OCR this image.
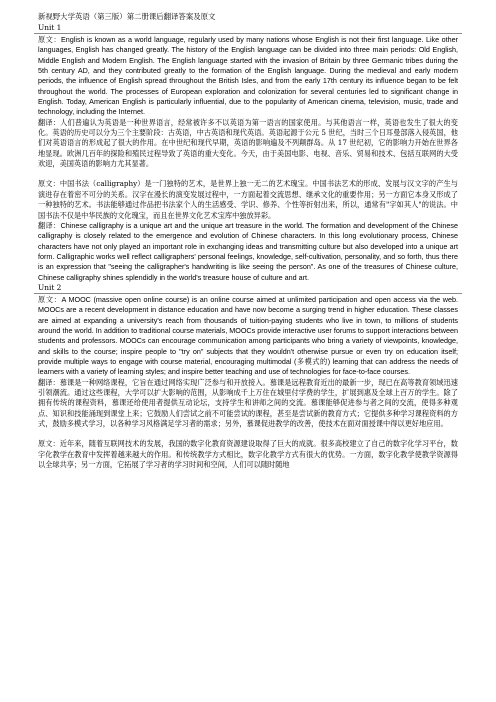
新视野大学英语（第三版）第二册课后翻译答案及原文
Unit 1

原文：English is known as a world language, regularly used by many nations whose English is not their first language. Like other languages, English has changed greatly. The history of the English language can be divided into three main periods: Old English, Middle English and Modern English. The English language started with the invasion of Britain by three Germanic tribes during the 5th century AD, and they contributed greatly to the formation of the English language. During the medieval and early modern periods, the influence of English spread throughout the British Isles, and from the early 17th century its influence began to be felt throughout the world. The processes of European exploration and colonization for several centuries led to significant change in English. Today, American English is particularly influential, due to the popularity of American cinema, television, music, trade and technology, including the Internet.

翻译：人们普遍认为英语是一种世界语言，经常被许多不以英语为第一语言的国家使用。与其他语言一样，英语也发生了很大的变化。英语的历史可以分为三个主要阶段：古英语，中古英语和现代英语。英语起源于公元 5 世纪，当时三个日耳曼部落入侵英国，他们对英语语言的形成起了很大的作用。在中世纪和现代早期，英语的影响遍及不列颠群岛。从 17 世纪初，它的影响力开始在世界各地显现。欧洲几百年的探险和殖民过程导致了英语的重大变化。今天，由于美国电影、电视、音乐、贸易和技术、包括互联网的大受欢迎，美国英语的影响力尤其显著。

原文：中国书法（calligraphy）是一门独特的艺术，是世界上独一无二的艺术瑰宝。中国书法艺术的形成、发展与汉文字的产生与演进存在着密不可分的关系。汉字在漫长的演变发展过程中，一方面起着交流思想、继承文化的重要作用；另一方面它本身又形成了一种独特的艺术。书法能够通过作品把书法家个人的生活感受、学识、修养、个性等折射出来，所以，通常有"字如其人"的说法。中国书法不仅是中华民族的文化瑰宝，而且在世界文化艺术宝库中独放异彩。

翻译：Chinese calligraphy is a unique art and the unique art treasure in the world. The formation and development of the Chinese calligraphy is closely related to the emergence and evolution of Chinese characters. In this long evolutionary process, Chinese characters have not only played an important role in exchanging ideas and transmitting culture but also developed into a unique art form. Calligraphic works well reflect calligraphers' personal feelings, knowledge, self-cultivation, personality, and so forth, thus there is an expression that "seeing the calligrapher's handwriting is like seeing the person". As one of the treasures of Chinese culture, Chinese calligraphy shines splendidly in the world's treasure house of culture and art.

Unit 2

原文：A MOOC (massive open online course) is an online course aimed at unlimited participation and open access via the web. MOOCs are a recent development in distance education and have now become a surging trend in higher education. These classes are aimed at expanding a university's reach from thousands of tuition-paying students who live in town, to millions of students around the world. In addition to traditional course materials, MOOCs provide interactive user forums to support interactions between students and professors. MOOCs can encourage communication among participants who bring a variety of viewpoints, knowledge, and skills to the course; inspire people to "try on" subjects that they wouldn't otherwise pursue or even try on education itself; provide multiple ways to engage with course material, encouraging multimodal (多模式的) learning that can address the needs of learners with a variety of learning styles; and inspire better teaching and use of technologies for face-to-face courses.

翻译：慕课是一种网络课程，它旨在通过网络实现广泛参与和开放接入。慕课是远程教育近出的最新一步，现已在高等教育领域迅速引领潮流。通过这些课程，大学可以扩大影响的范围，从影响成千上万住在城里付学费的学生，扩展到惠及全球上百万的学生。除了拥有传统的课程资料，慕课还给使用者提供互动论坛，支持学生和讲师之间的交流。慕课能够促进参与者之间的交流，使得多种观点、知识和技能涌现到课堂上来；它鼓励人们尝试之前不可能尝试的课程，甚至是尝试新的教育方式；它提供多种学习课程资料的方式，鼓励多模式学习，以各种学习风格满足学习者的需求；另外，慕课促进教学的改善，使技术在面对面授课中得以更好地应用。

原文：近年来，随着互联网技术的发展，我国的数字化教育资源建设取得了巨大的成就。很多高校建立了自己的数字化学习平台，数字化教学在教育中发挥着越来越大的作用。和传统教学方式相比，数字化教学方式有很大的优势。一方面，数字化教学使教学资源得以全球共享；另一方面，它拓展了学习者的学习时间和空间，人们可以随时随地
